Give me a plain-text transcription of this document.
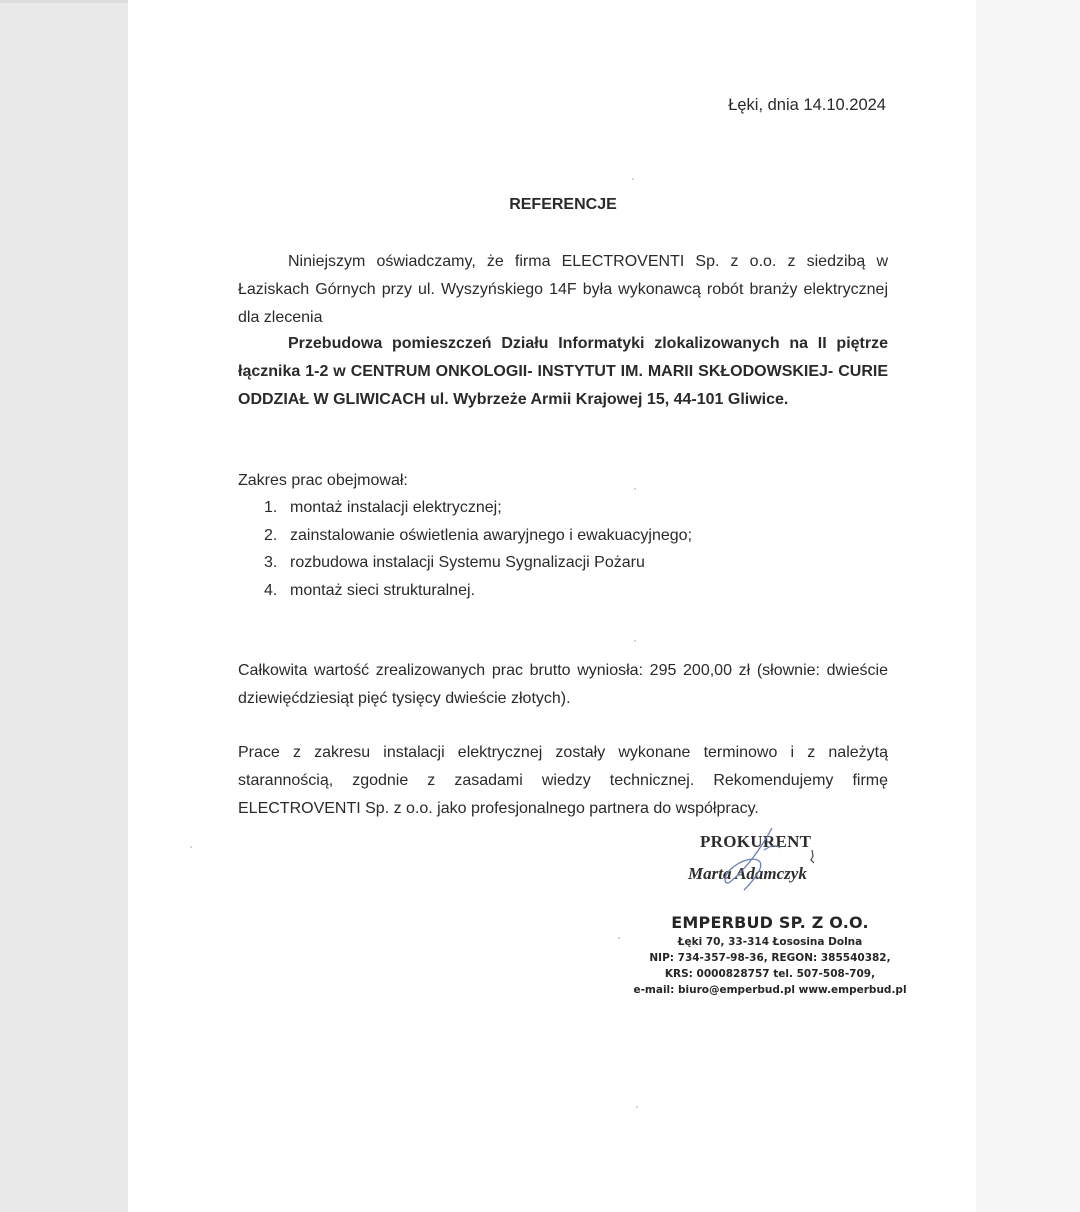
Łęki, dnia 14.10.2024
REFERENCJE
Niniejszym oświadczamy, że firma ELECTROVENTI Sp. z o.o. z siedzibą w Łaziskach Górnych przy ul. Wyszyńskiego 14F była wykonawcą robót branży elektrycznej dla zlecenia
Przebudowa pomieszczeń Działu Informatyki zlokalizowanych na II piętrze łącznika 1-2 w CENTRUM ONKOLOGII- INSTYTUT IM. MARII SKŁODOWSKIEJ- CURIE ODDZIAŁ W GLIWICACH ul. Wybrzeże Armii Krajowej 15, 44-101 Gliwice.
Zakres prac obejmował:
1. montaż instalacji elektrycznej;
2. zainstalowanie oświetlenia awaryjnego i ewakuacyjnego;
3. rozbudowa instalacji Systemu Sygnalizacji Pożaru
4. montaż sieci strukturalnej.
Całkowita wartość zrealizowanych prac brutto wyniosła: 295 200,00 zł (słownie: dwieście dziewięćdziesiąt pięć tysięcy dwieście złotych).
Prace z zakresu instalacji elektrycznej zostały wykonane terminowo i z należytą starannością, zgodnie z zasadami wiedzy technicznej. Rekomendujemy firmę ELECTROVENTI Sp. z o.o. jako profesjonalnego partnera do współpracy.
PROKURENT
Marta Adamczyk
EMPERBUD SP. Z O.O.
Łęki 70, 33-314 Łososina Dolna
NIP: 734-357-98-36, REGON: 385540382,
KRS: 0000828757 tel. 507-508-709,
e-mail: biuro@emperbud.pl www.emperbud.pl
